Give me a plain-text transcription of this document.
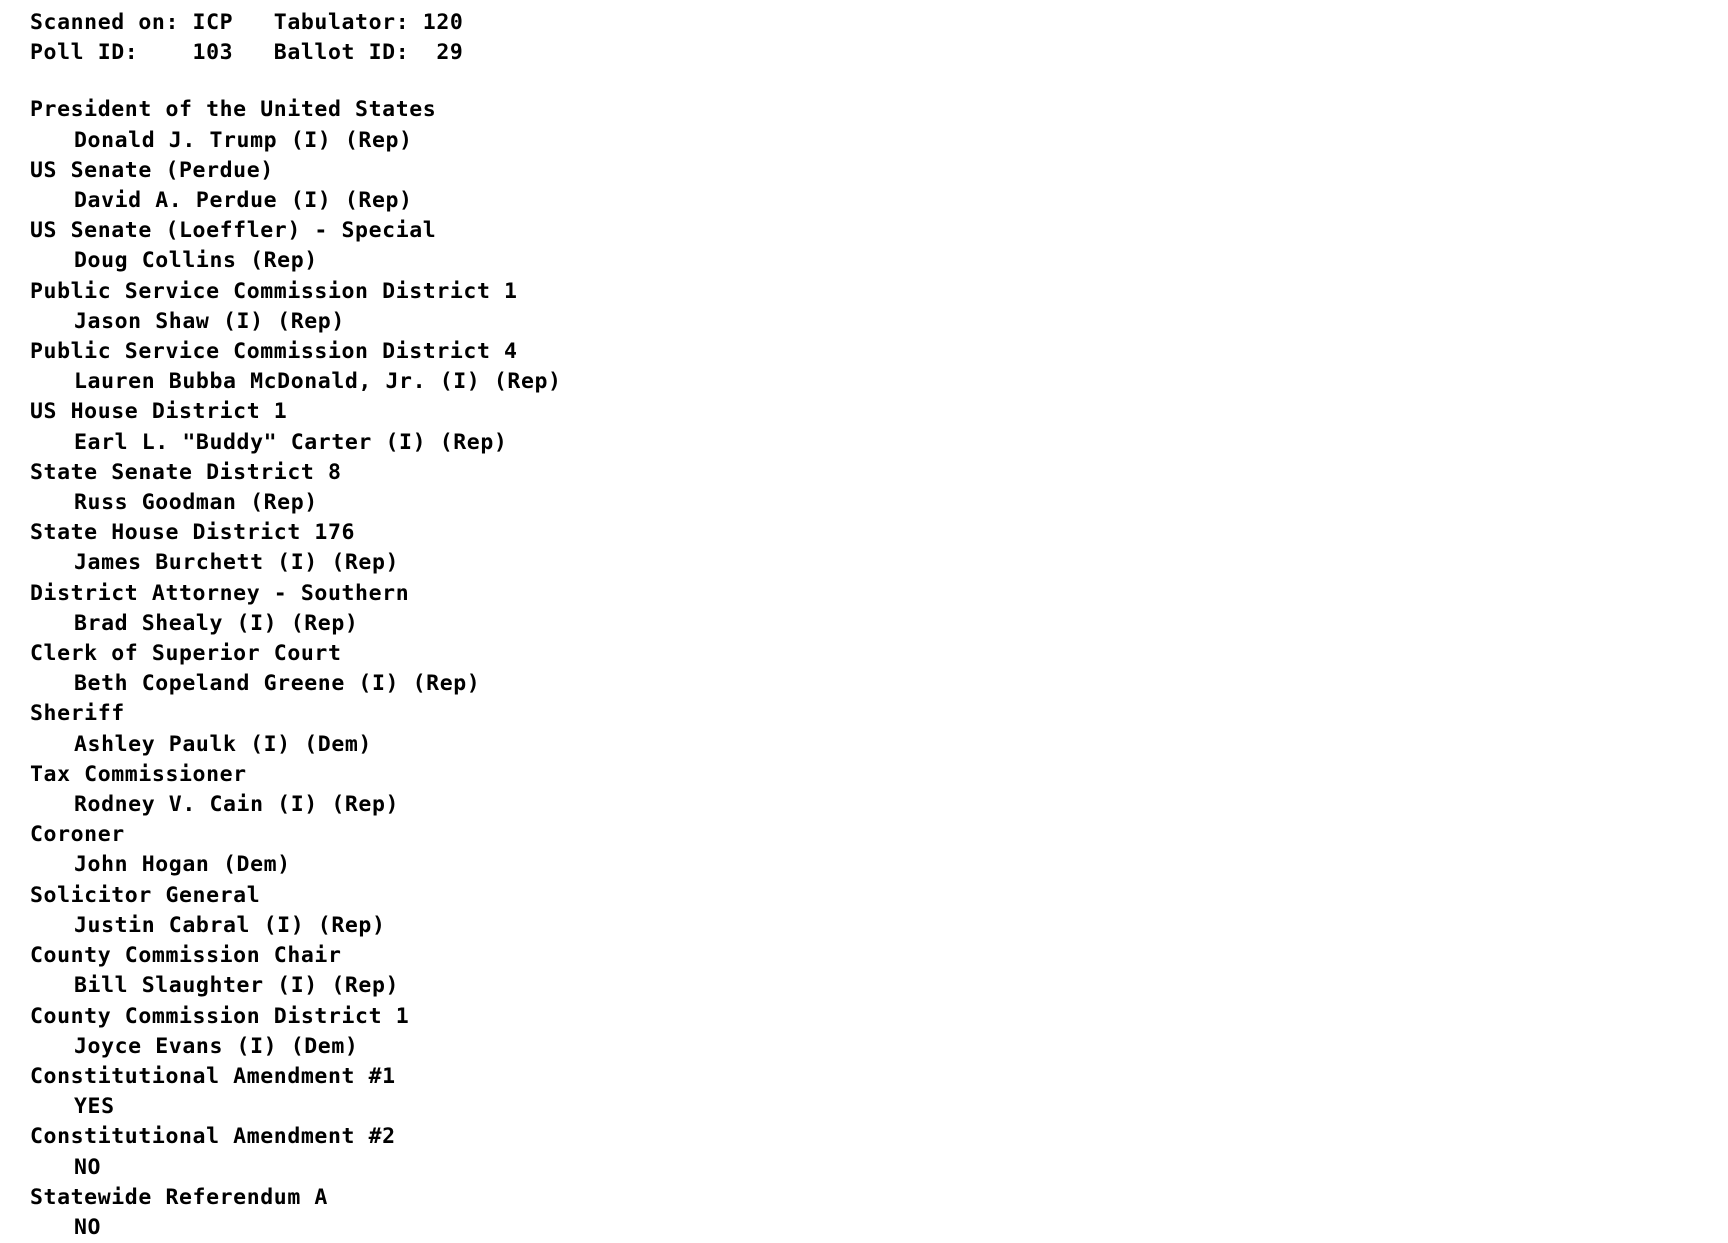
Scanned on: ICP   Tabulator: 120
Poll ID:    103   Ballot ID:  29
President of the United States
Donald J. Trump (I) (Rep)
US Senate (Perdue)
David A. Perdue (I) (Rep)
US Senate (Loeffler) - Special
Doug Collins (Rep)
Public Service Commission District 1
Jason Shaw (I) (Rep)
Public Service Commission District 4
Lauren Bubba McDonald, Jr. (I) (Rep)
US House District 1
Earl L. "Buddy" Carter (I) (Rep)
State Senate District 8
Russ Goodman (Rep)
State House District 176
James Burchett (I) (Rep)
District Attorney - Southern
Brad Shealy (I) (Rep)
Clerk of Superior Court
Beth Copeland Greene (I) (Rep)
Sheriff
Ashley Paulk (I) (Dem)
Tax Commissioner
Rodney V. Cain (I) (Rep)
Coroner
John Hogan (Dem)
Solicitor General
Justin Cabral (I) (Rep)
County Commission Chair
Bill Slaughter (I) (Rep)
County Commission District 1
Joyce Evans (I) (Dem)
Constitutional Amendment #1
YES
Constitutional Amendment #2
NO
Statewide Referendum A
NO
